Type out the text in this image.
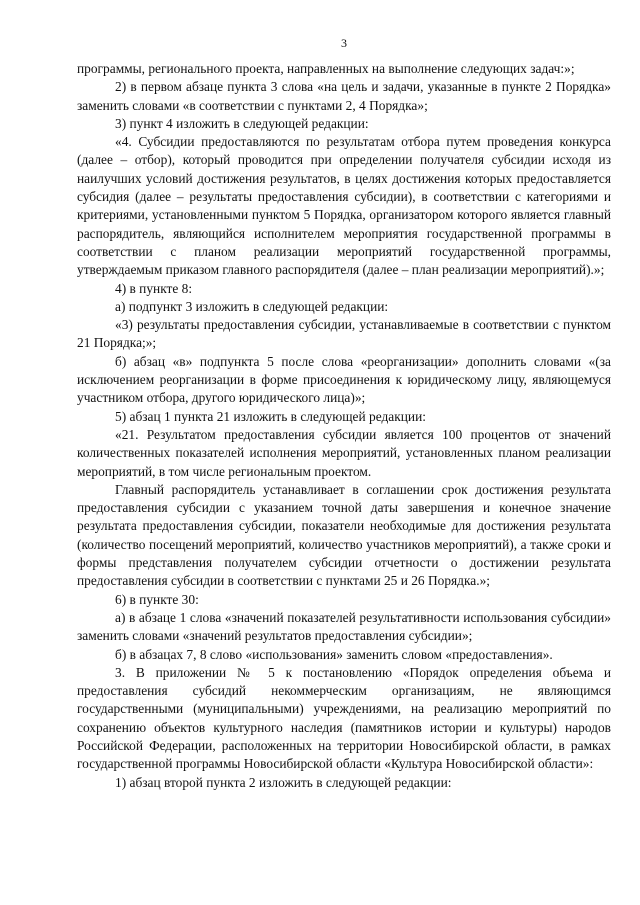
3

программы, регионального проекта, направленных на выполнение следующих задач:»;

2) в первом абзаце пункта 3 слова «на цель и задачи, указанные в пункте 2 Порядка» заменить словами «в соответствии с пунктами 2, 4 Порядка»;

3) пункт 4 изложить в следующей редакции:

«4. Субсидии предоставляются по результатам отбора путем проведения конкурса (далее – отбор), который проводится при определении получателя субсидии исходя из наилучших условий достижения результатов, в целях достижения которых предоставляется субсидия (далее – результаты предоставления субсидии), в соответствии с категориями и критериями, установленными пунктом 5 Порядка, организатором которого является главный распорядитель, являющийся исполнителем мероприятия государственной программы в соответствии с планом реализации мероприятий государственной программы, утверждаемым приказом главного распорядителя (далее – план реализации мероприятий).»;

4) в пункте 8:

а) подпункт 3 изложить в следующей редакции:

«3) результаты предоставления субсидии, устанавливаемые в соответствии с пунктом 21 Порядка;»;

б) абзац «в» подпункта 5 после слова «реорганизации» дополнить словами «(за исключением реорганизации в форме присоединения к юридическому лицу, являющемуся участником отбора, другого юридического лица)»;

5) абзац 1 пункта 21 изложить в следующей редакции:

«21. Результатом предоставления субсидии является 100 процентов от значений количественных показателей исполнения мероприятий, установленных планом реализации мероприятий, в том числе региональным проектом.

Главный распорядитель устанавливает в соглашении срок достижения результата предоставления субсидии с указанием точной даты завершения и конечное значение результата предоставления субсидии, показатели необходимые для достижения результата (количество посещений мероприятий, количество участников мероприятий), а также сроки и формы представления получателем субсидии отчетности о достижении результата предоставления субсидии в соответствии с пунктами 25 и 26 Порядка.»;

6) в пункте 30:

а) в абзаце 1 слова «значений показателей результативности использования субсидии» заменить словами «значений результатов предоставления субсидии»;

б) в абзацах 7, 8 слово «использования» заменить словом «предоставления».

3. В приложении № 5 к постановлению «Порядок определения объема и предоставления субсидий некоммерческим организациям, не являющимся государственными (муниципальными) учреждениями, на реализацию мероприятий по сохранению объектов культурного наследия (памятников истории и культуры) народов Российской Федерации, расположенных на территории Новосибирской области, в рамках государственной программы Новосибирской области «Культура Новосибирской области»:

1) абзац второй пункта 2 изложить в следующей редакции:
